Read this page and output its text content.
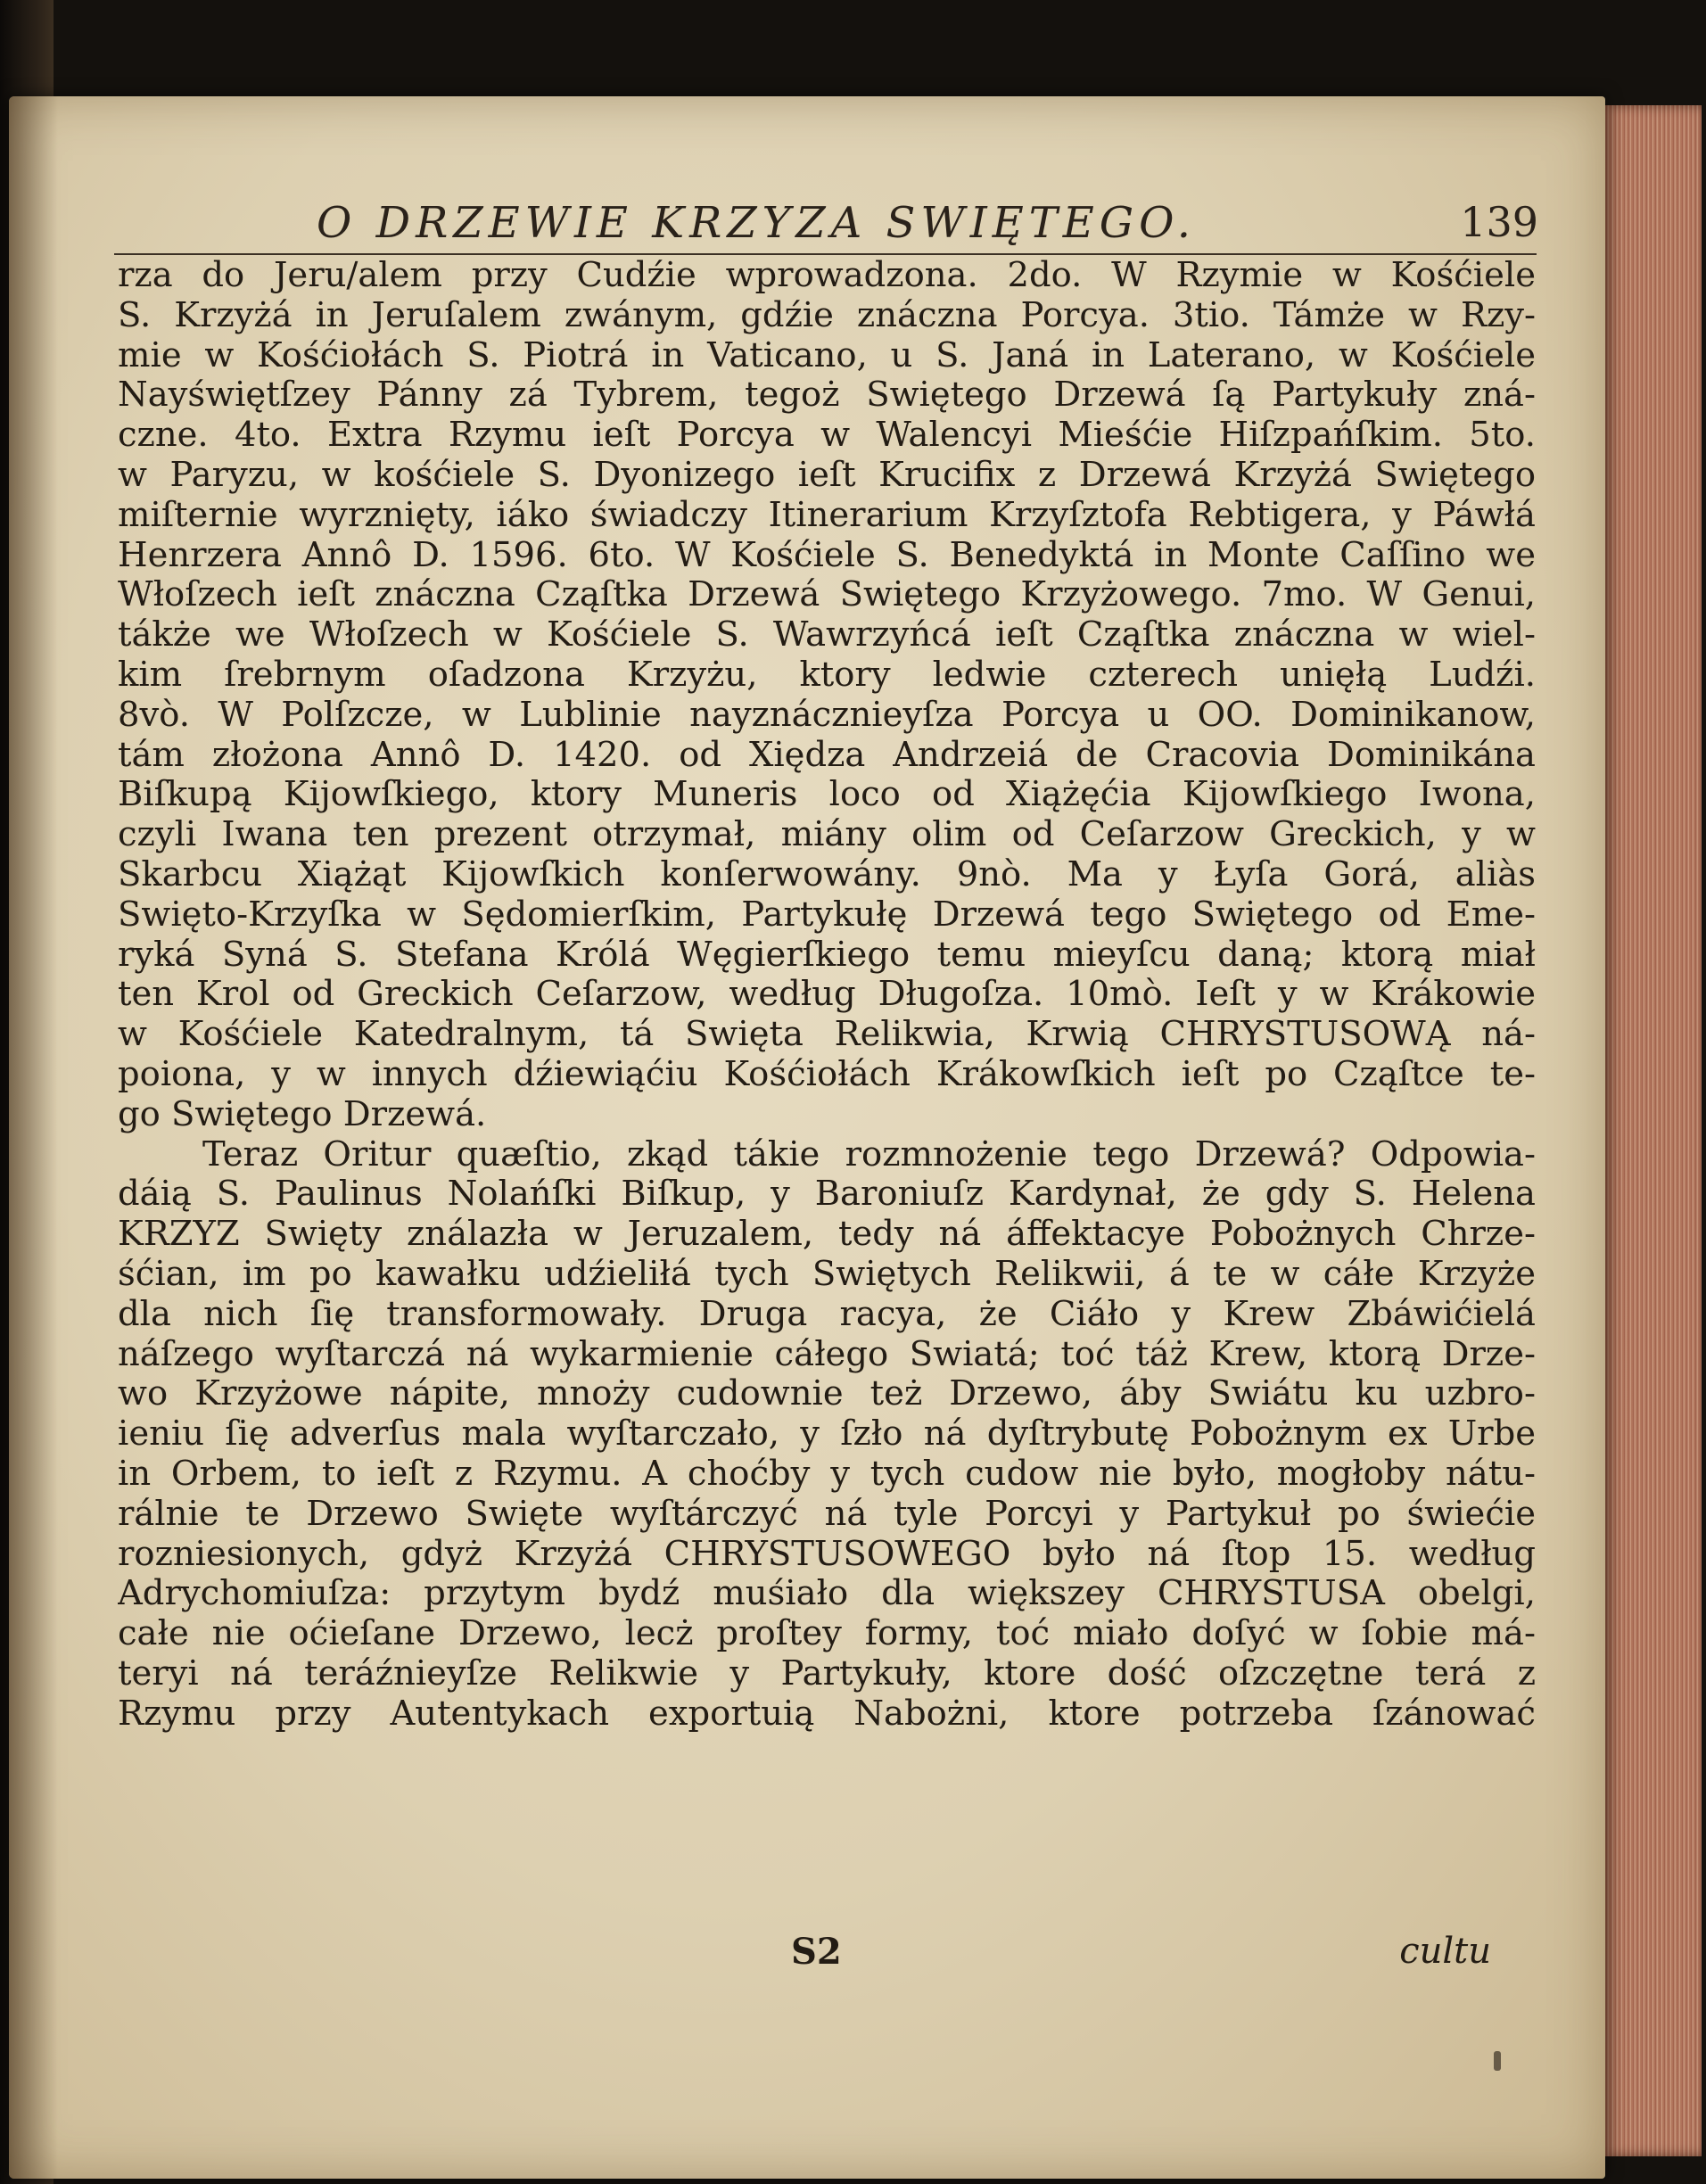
O DRZEWIE KRZYZA SWIĘTEGO.	139
rza do Jeru∕alem przy Cudźie wprowadzona. 2do. W Rzymie w Kośćiele
S. Krzyżá in Jeruſalem zwánym, gdźie znáczna Porcya. 3tio. Támże w Rzy-
mie w Kośćiołách S. Piotrá in Vaticano, u S. Janá in Laterano, w Kośćiele
Nayświętſzey Pánny zá Tybrem, tegoż Swiętego Drzewá ſą Partykuły zná-
czne. 4to. Extra Rzymu ieſt Porcya w Walencyi Mieśćie Hiſzpańſkim. 5to.
w Paryzu, w kośćiele S. Dyonizego ieſt Krucifix z Drzewá Krzyżá Swiętego
miſternie wyrznięty, iáko świadczy Itinerarium Krzyſztofa Rebtigera, y Páwłá
Henrzera Annô D. 1596. 6to. W Kośćiele S. Benedyktá in Monte Caſſino we
Włoſzech ieſt znáczna Cząſtka Drzewá Swiętego Krzyżowego. 7mo. W Genui,
tákże we Włoſzech w Kośćiele S. Wawrzyńcá ieſt Cząſtka znáczna w wiel-
kim ſrebrnym oſadzona Krzyżu, ktory ledwie czterech unięłą Ludźi.
8vò. W Polſzcze, w Lublinie nayznácznieyſza Porcya u OO. Dominikanow,
tám złożona Annô D. 1420. od Xiędza Andrzeiá de Cracovia Dominikána
Biſkupą Kijowſkiego, ktory Muneris loco od Xiążęćia Kijowſkiego Iwona,
czyli Iwana ten prezent otrzymał, miány olim od Ceſarzow Greckich, y w
Skarbcu Xiążąt Kijowſkich konſerwowány. 9nò. Ma y Łyſa Gorá, aliàs
Swięto-Krzyſka w Sędomierſkim, Partykułę Drzewá tego Swiętego od Eme-
ryká Syná S. Stefana Królá Węgierſkiego temu mieyſcu daną; ktorą miał
ten Krol od Greckich Ceſarzow, według Długoſza. 10mò. Ieſt y w Krákowie
w Kośćiele Katedralnym, tá Swięta Relikwia, Krwią CHRYSTUSOWĄ ná-
poiona, y w innych dźiewiąćiu Kośćiołách Krákowſkich ieſt po Cząſtce te-
go Swiętego Drzewá.
Teraz Oritur quæſtio, zkąd tákie rozmnożenie tego Drzewá? Odpowia-
dáią S. Paulinus Nolańſki Biſkup, y Baroniuſz Kardynał, że gdy S. Helena
KRZYZ Swięty ználazła w Jeruzalem, tedy ná áffektacye Pobożnych Chrze-
śćian, im po kawałku udźieliłá tych Swiętych Relikwii, á te w cáłe Krzyże
dla nich ſię transformowały. Druga racya, że Ciáło y Krew Zbáwićielá
náſzego wyſtarczá ná wykarmienie cáłego Swiatá; toć táż Krew, ktorą Drze-
wo Krzyżowe nápite, mnoży cudownie też Drzewo, áby Swiátu ku uzbro-
ieniu ſię adverſus mala wyſtarczało, y ſzło ná dyſtrybutę Pobożnym ex Urbe
in Orbem, to ieſt z Rzymu. A choćby y tych cudow nie było, mogłoby nátu-
rálnie te Drzewo Swięte wyſtárczyć ná tyle Porcyi y Partykuł po świećie
rozniesionych, gdyż Krzyżá CHRYSTUSOWEGO było ná ſtop 15. według
Adrychomiuſza: przytym bydź muśiało dla większey CHRYSTUSA obelgi,
całe nie oćieſane Drzewo, lecż proſtey formy, toć miało doſyć w ſobie má-
teryi ná teráźnieyſze Relikwie y Partykuły, ktore dość oſzczętne terá z
Rzymu przy Autentykach exportuią Nabożni, ktore potrzeba ſzánować
S2	cultu
